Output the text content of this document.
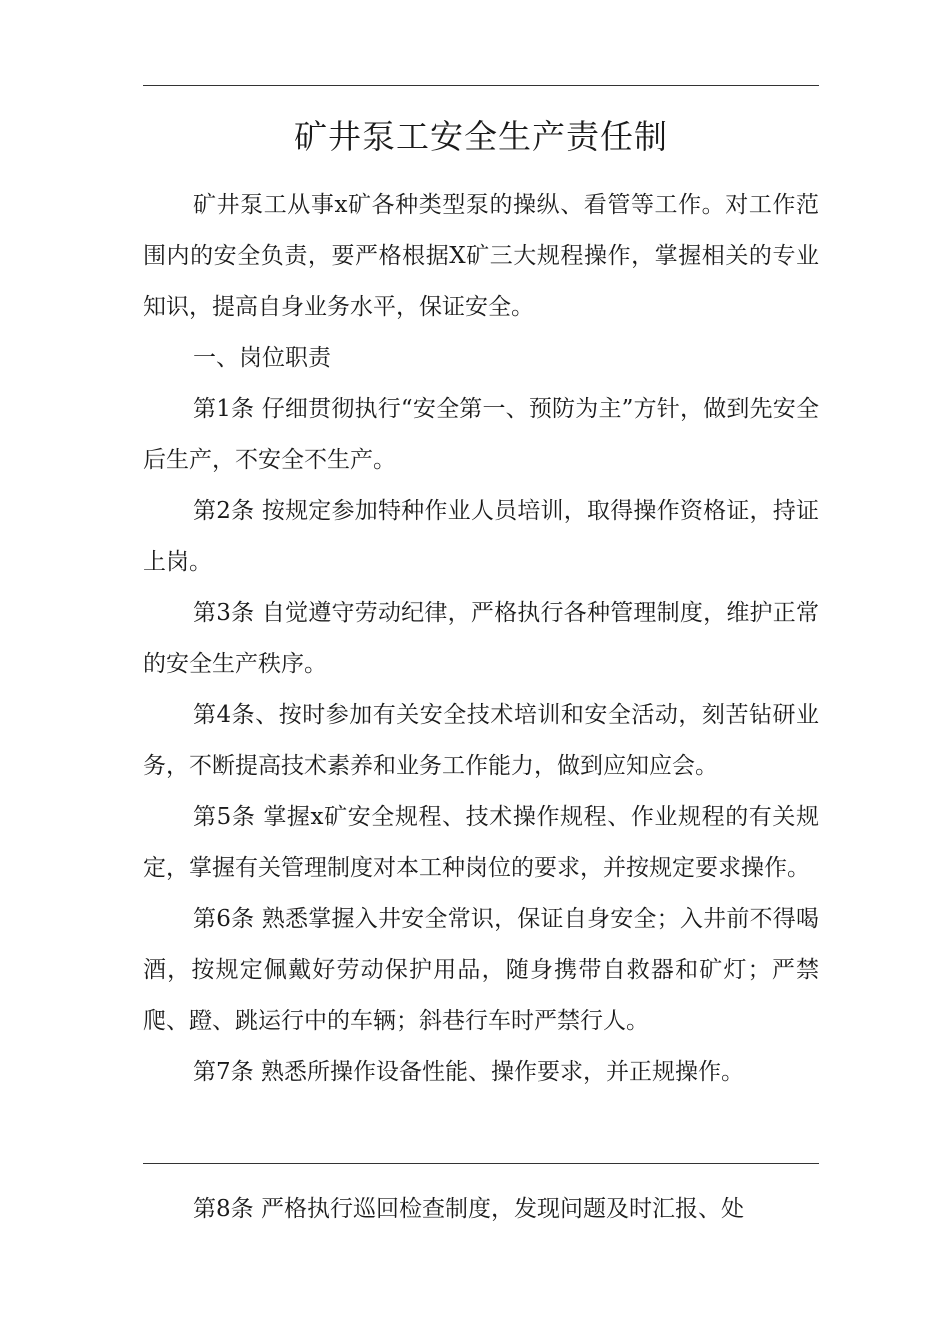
矿井泵工安全生产责任制

矿井泵工从事x矿各种类型泵的操纵、看管等工作。对工作范围内的安全负责，要严格根据X矿三大规程操作，掌握相关的专业知识，提高自身业务水平，保证安全。

一、岗位职责

第1条 仔细贯彻执行“安全第一、预防为主”方针，做到先安全后生产，不安全不生产。

第2条 按规定参加特种作业人员培训，取得操作资格证，持证上岗。

第3条 自觉遵守劳动纪律，严格执行各种管理制度，维护正常的安全生产秩序。

第4条、按时参加有关安全技术培训和安全活动，刻苦钻研业务，不断提高技术素养和业务工作能力，做到应知应会。

第5条 掌握x矿安全规程、技术操作规程、作业规程的有关规定，掌握有关管理制度对本工种岗位的要求，并按规定要求操作。

第6条 熟悉掌握入井安全常识，保证自身安全；入井前不得喝酒，按规定佩戴好劳动保护用品，随身携带自救器和矿灯；严禁爬、蹬、跳运行中的车辆；斜巷行车时严禁行人。

第7条 熟悉所操作设备性能、操作要求，并正规操作。

第8条 严格执行巡回检查制度，发现问题及时汇报、处
